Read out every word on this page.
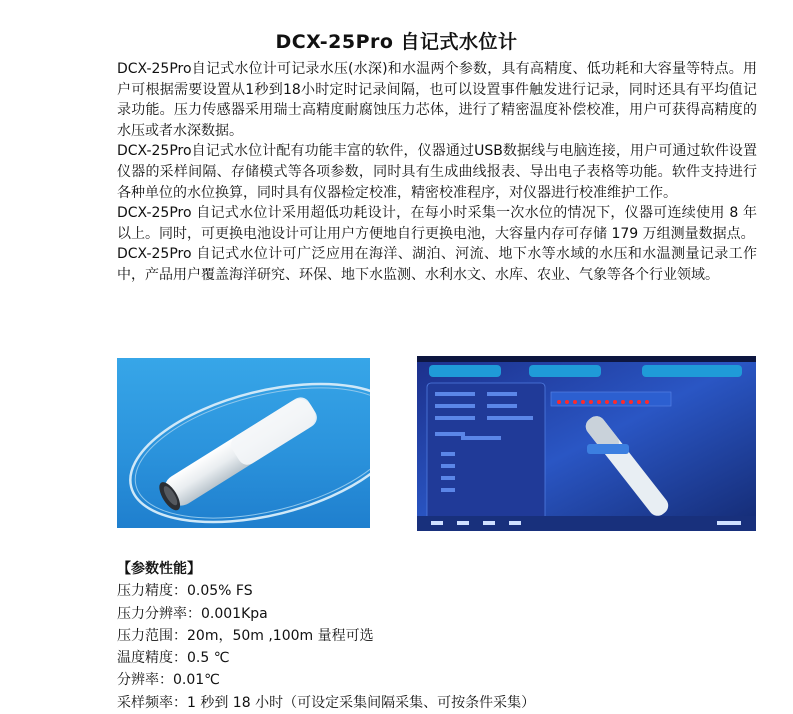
DCX-25Pro 自记式水位计

DCX-25Pro自记式水位计可记录水压(水深)和水温两个参数，具有高精度、低功耗和大容量等特点。用户可根据需要设置从1秒到18小时定时记录间隔，也可以设置事件触发进行记录，同时还具有平均值记录功能。压力传感器采用瑞士高精度耐腐蚀压力芯体，进行了精密温度补偿校准，用户可获得高精度的水压或者水深数据。

DCX-25Pro自记式水位计配有功能丰富的软件，仪器通过USB数据线与电脑连接，用户可通过软件设置仪器的采样间隔、存储模式等各项参数，同时具有生成曲线报表、导出电子表格等功能。软件支持进行各种单位的水位换算，同时具有仪器检定校准，精密校准程序，对仪器进行校准维护工作。

DCX-25Pro 自记式水位计采用超低功耗设计，在每小时采集一次水位的情况下，仪器可连续使用 8 年以上。同时，可更换电池设计可让用户方便地自行更换电池，大容量内存可存储 179 万组测量数据点。

DCX-25Pro 自记式水位计可广泛应用在海洋、湖泊、河流、地下水等水域的水压和水温测量记录工作中，产品用户覆盖海洋研究、环保、地下水监测、水利水文、水库、农业、气象等各个行业领域。

【参数性能】
压力精度：0.05% FS
压力分辨率：0.001Kpa
压力范围：20m，50m ,100m 量程可选
温度精度：0.5 ℃
分辨率：0.01℃
采样频率：1 秒到 18 小时（可设定采集间隔采集、可按条件采集）
